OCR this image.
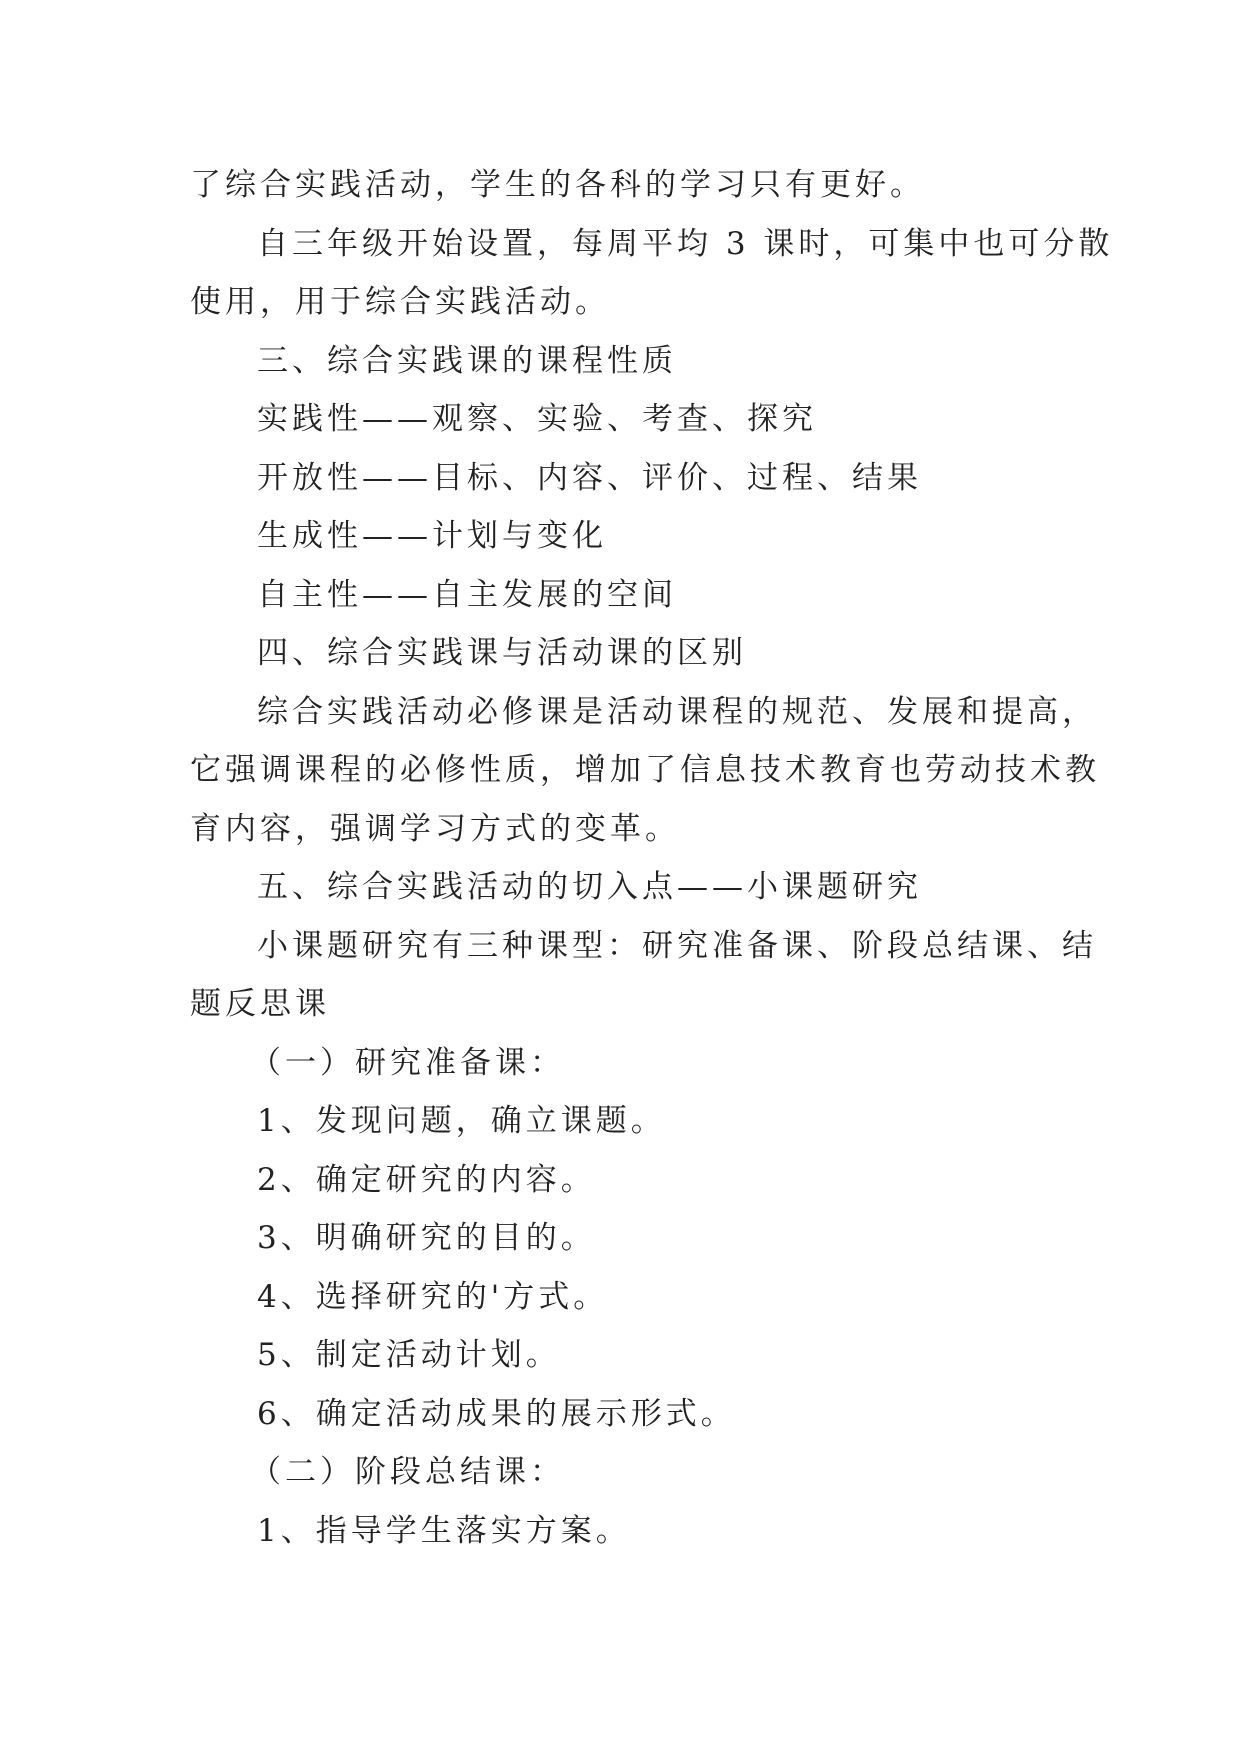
了综合实践活动，学生的各科的学习只有更好。
自三年级开始设置，每周平均 3 课时，可集中也可分散
使用，用于综合实践活动。
三、综合实践课的课程性质
实践性——观察、实验、考查、探究
开放性——目标、内容、评价、过程、结果
生成性——计划与变化
自主性——自主发展的空间
四、综合实践课与活动课的区别
综合实践活动必修课是活动课程的规范、发展和提高，
它强调课程的必修性质，增加了信息技术教育也劳动技术教
育内容，强调学习方式的变革。
五、综合实践活动的切入点——小课题研究
小课题研究有三种课型：研究准备课、阶段总结课、结
题反思课
（一）研究准备课：
1、发现问题，确立课题。
2、确定研究的内容。
3、明确研究的目的。
4、选择研究的'方式。
5、制定活动计划。
6、确定活动成果的展示形式。
（二）阶段总结课：
1、指导学生落实方案。
